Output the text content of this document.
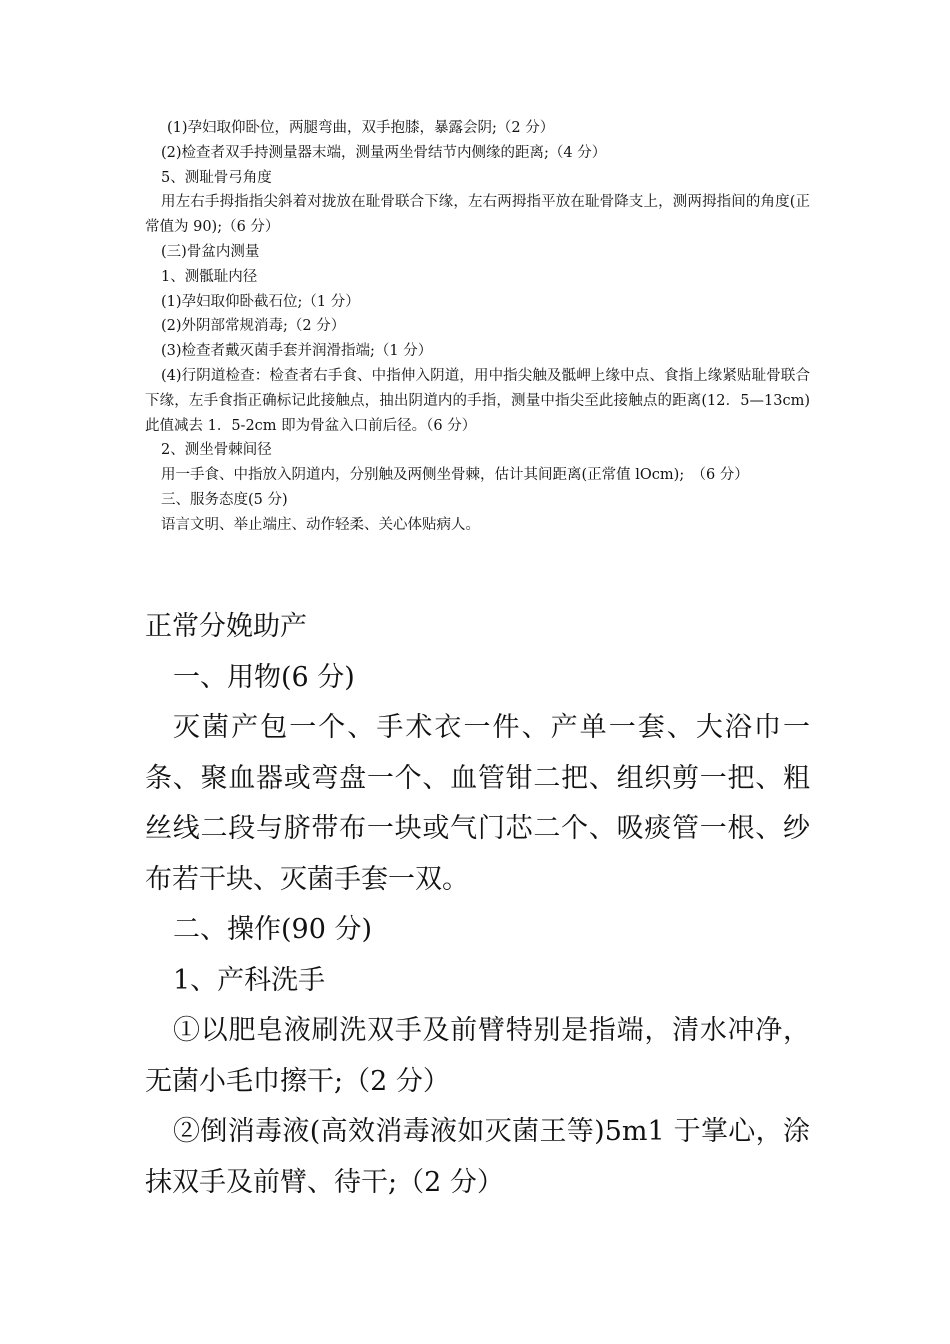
(1)孕妇取仰卧位，两腿弯曲，双手抱膝，暴露会阴;（2 分）

(2)检查者双手持测量器末端，测量两坐骨结节内侧缘的距离;（4 分）

5、测耻骨弓角度

用左右手拇指指尖斜着对拢放在耻骨联合下缘，左右两拇指平放在耻骨降支上，测两拇指间的角度(正常值为 90);（6 分）

(三)骨盆内测量

1、测骶耻内径

(1)孕妇取仰卧截石位;（1 分）

(2)外阴部常规消毒;（2 分）

(3)检查者戴灭菌手套并润滑指端;（1 分）

(4)行阴道检查：检查者右手食、中指伸入阴道，用中指尖触及骶岬上缘中点、食指上缘紧贴耻骨联合下缘，左手食指正确标记此接触点，抽出阴道内的手指，测量中指尖至此接触点的距离(12．5—13cm)此值减去 1．5-2cm 即为骨盆入口前后径。（6 分）

2、测坐骨棘间径

用一手食、中指放入阴道内，分别触及两侧坐骨棘，估计其间距离(正常值 lOcm);　（6 分）

三、服务态度(5 分)

语言文明、举止端庄、动作轻柔、关心体贴病人。

正常分娩助产

一、用物(6 分)

灭菌产包一个、手术衣一件、产单一套、大浴巾一条、聚血器或弯盘一个、血管钳二把、组织剪一把、粗丝线二段与脐带布一块或气门芯二个、吸痰管一根、纱布若干块、灭菌手套一双。

二、操作(90 分)

1、产科洗手

①以肥皂液刷洗双手及前臂特别是指端，清水冲净，无菌小毛巾擦干;（2 分）

②倒消毒液(高效消毒液如灭菌王等)5m1 于掌心，涂抹双手及前臂、待干;（2 分）
